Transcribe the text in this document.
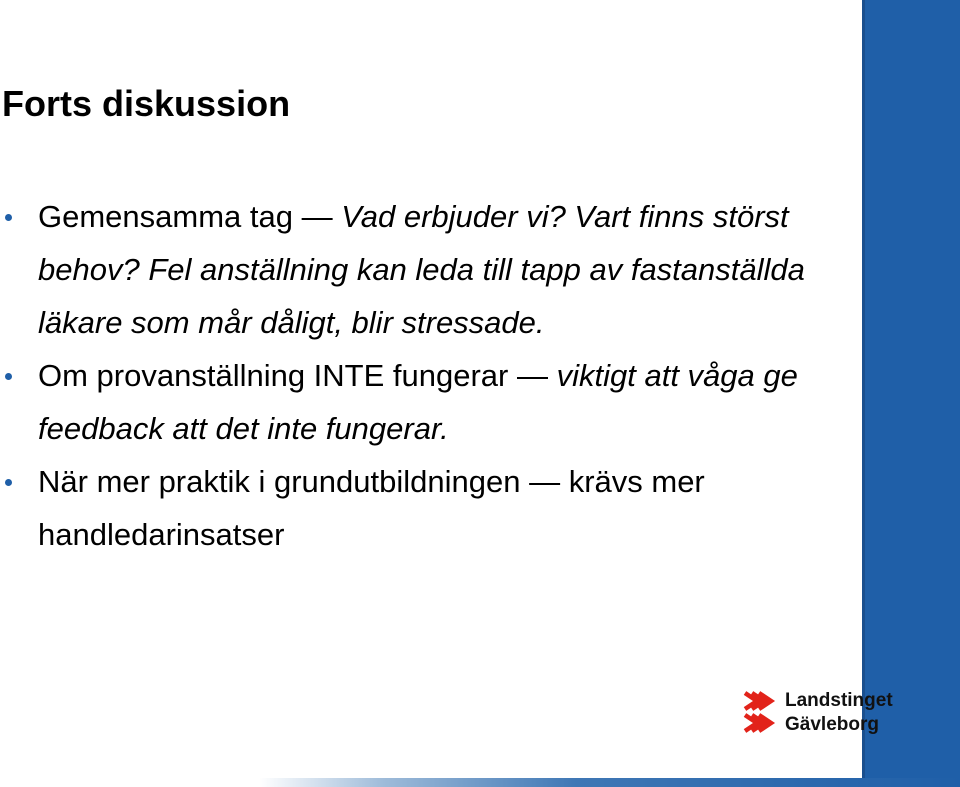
Forts diskussion
Gemensamma tag — Vad erbjuder vi? Vart finns störst behov? Fel anställning kan leda till tapp av fastanställda läkare som mår dåligt, blir stressade.
Om provanställning INTE fungerar — viktigt att våga ge feedback att det inte fungerar.
När mer praktik i grundutbildningen — krävs mer handledarinsatser
Landstinget
Gävleborg
